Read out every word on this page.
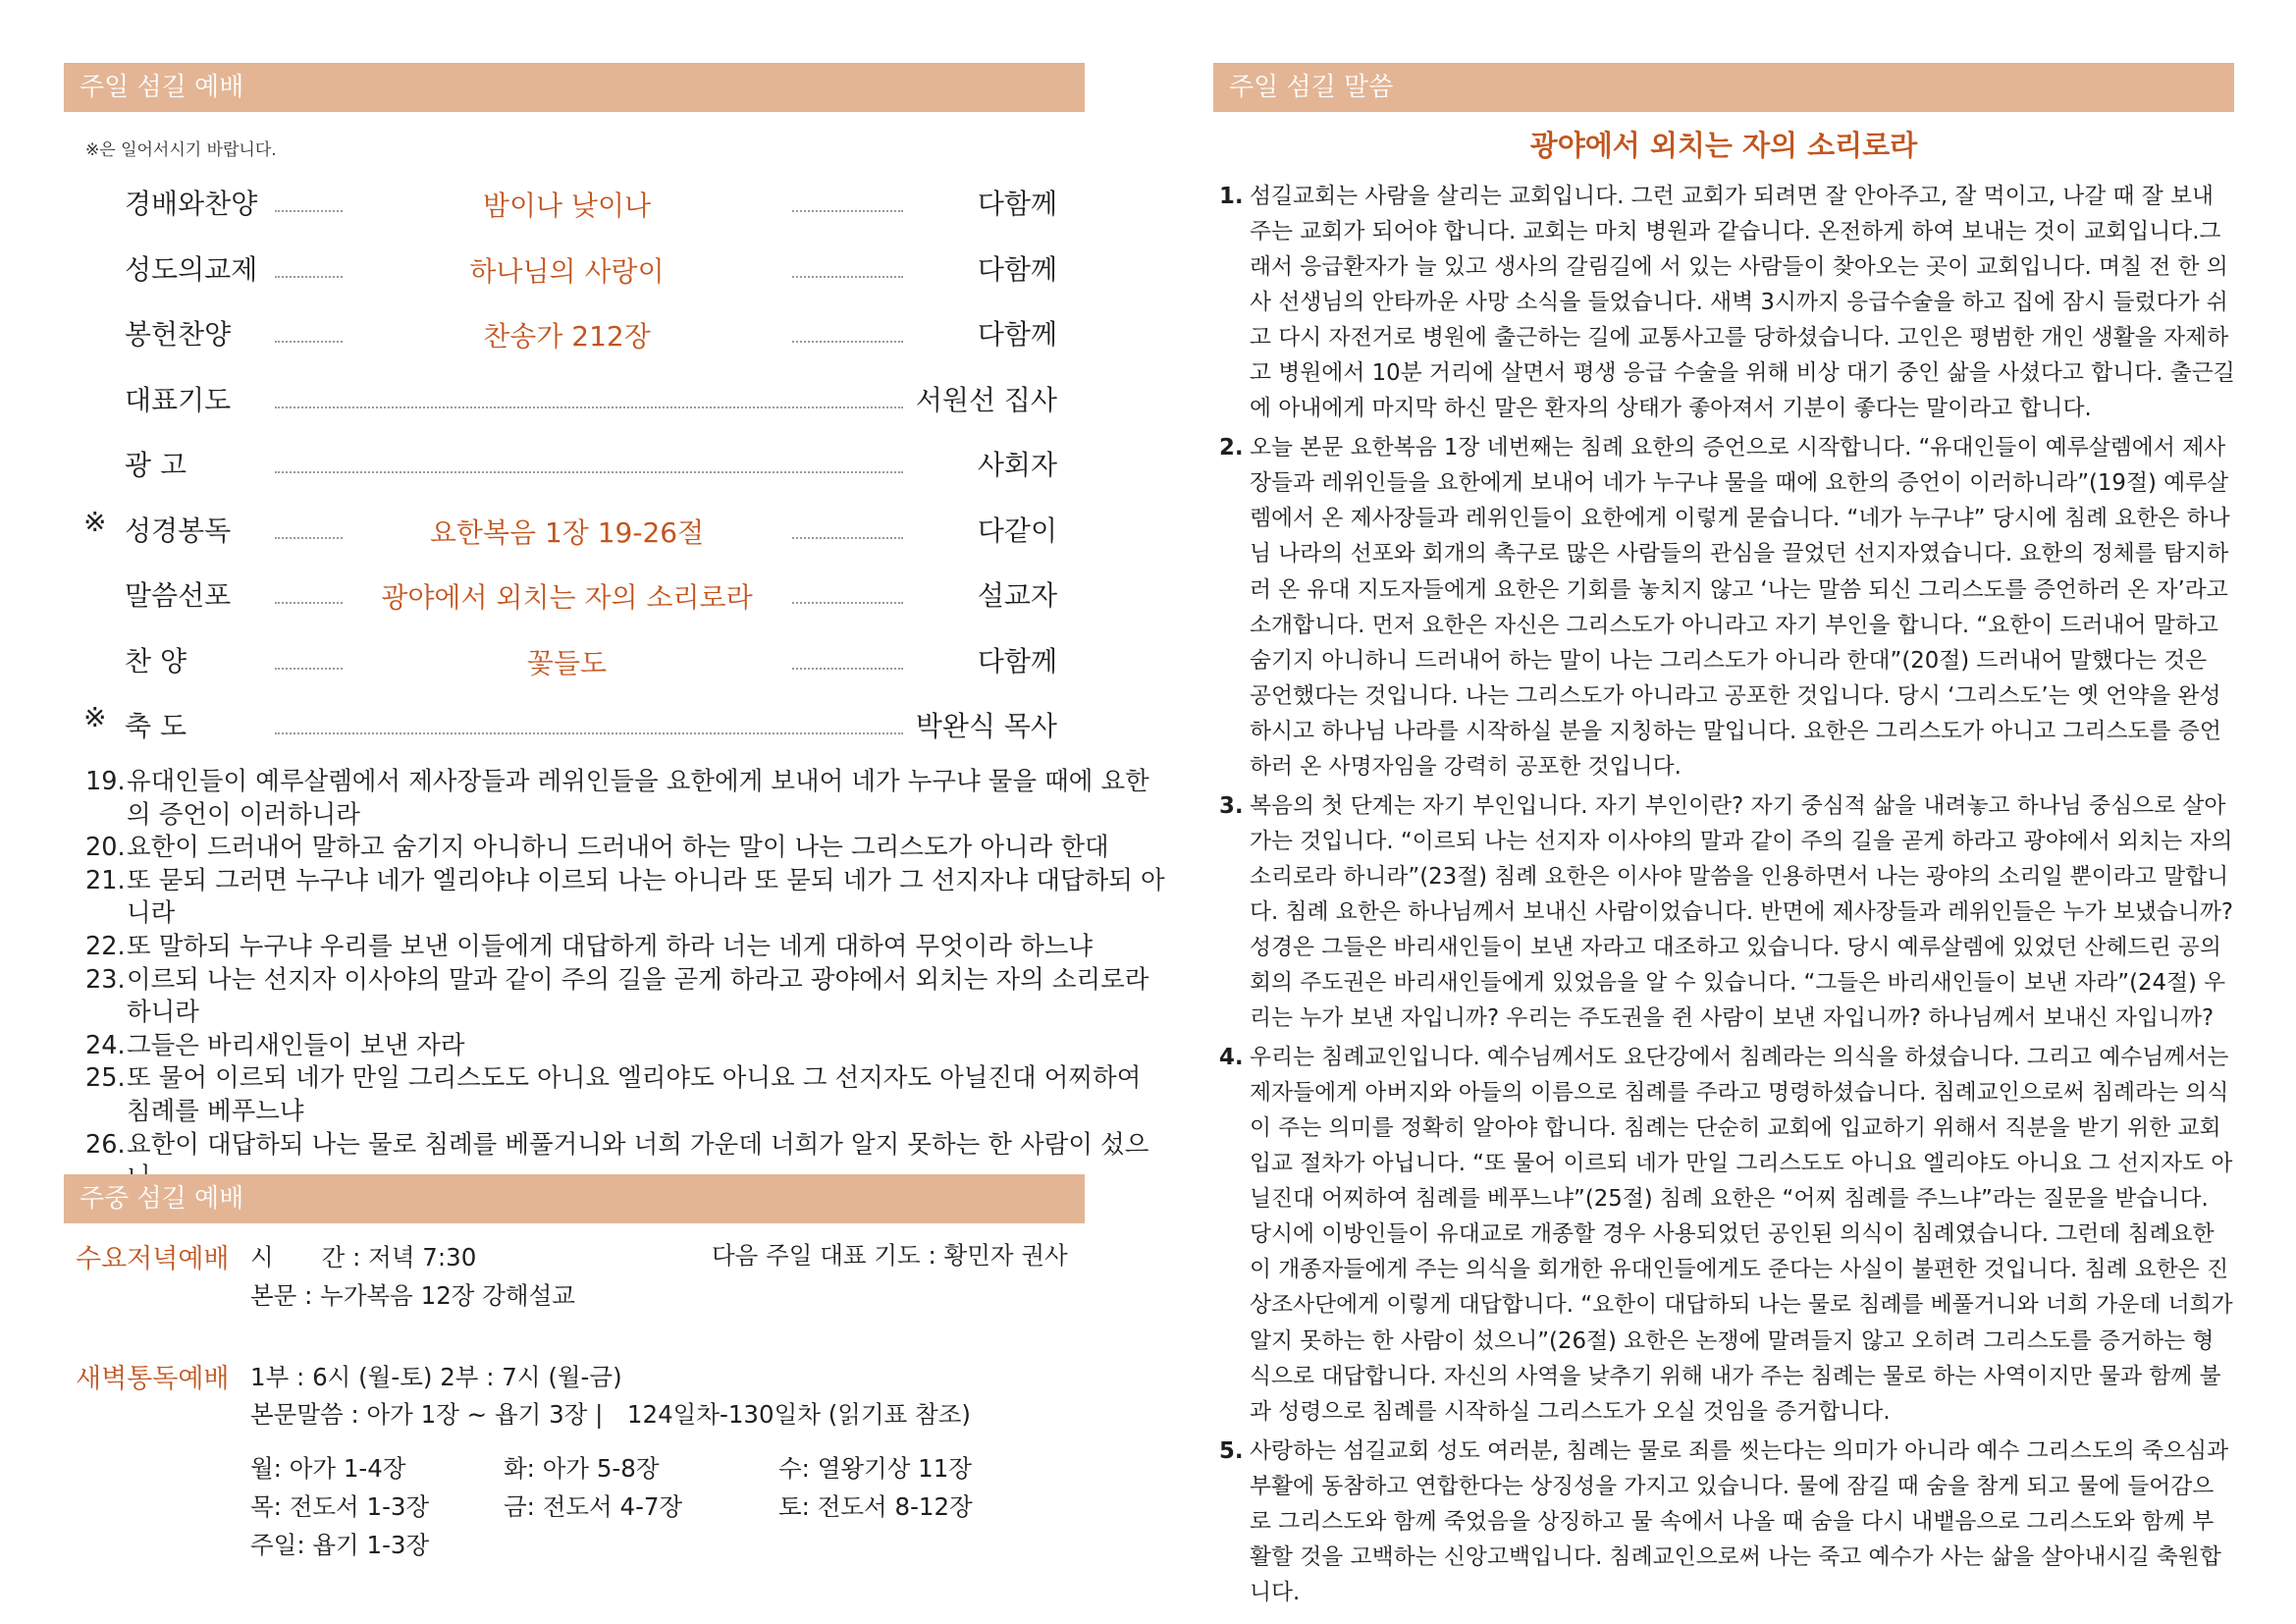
주일 섬길 예배
※은 일어서시기 바랍니다.
경배와찬양	밤이나 낮이나	다함께
성도의교제	하나님의 사랑이	다함께
봉헌찬양	찬송가 212장	다함께
대표기도	서원선 집사
광 고	사회자
※ 성경봉독	요한복음 1장 19-26절	다같이
말씀선포	광야에서 외치는 자의 소리로라	설교자
찬 양	꽃들도	다함께
※ 축 도	박완식 목사
19. 유대인들이 예루살렘에서 제사장들과 레위인들을 요한에게 보내어 네가 누구냐 물을 때에 요한의 증언이 이러하니라
20. 요한이 드러내어 말하고 숨기지 아니하니 드러내어 하는 말이 나는 그리스도가 아니라 한대
21. 또 묻되 그러면 누구냐 네가 엘리야냐 이르되 나는 아니라 또 묻되 네가 그 선지자냐 대답하되 아니라
22. 또 말하되 누구냐 우리를 보낸 이들에게 대답하게 하라 너는 네게 대하여 무엇이라 하느냐
23. 이르되 나는 선지자 이사야의 말과 같이 주의 길을 곧게 하라고 광야에서 외치는 자의 소리로라 하니라
24. 그들은 바리새인들이 보낸 자라
25. 또 물어 이르되 네가 만일 그리스도도 아니요 엘리야도 아니요 그 선지자도 아닐진대 어찌하여 침례를 베푸느냐
26. 요한이 대답하되 나는 물로 침례를 베풀거니와 너희 가운데 너희가 알지 못하는 한 사람이 섰으
주중 섬길 예배
수요저녁예배 시　　간 : 저녁 7:30	다음 주일 대표 기도 : 황민자 권사
본문 : 누가복음 12장 강해설교
새벽통독예배 1부 : 6시 (월-토) 2부 : 7시 (월-금)
본문말씀 : 아가 1장 ~ 욥기 3장 |　124일차-130일차 (읽기표 참조)
월: 아가 1-4장	화: 아가 5-8장	수: 열왕기상 11장
목: 전도서 1-3장	금: 전도서 4-7장	토: 전도서 8-12장
주일: 욥기 1-3장
주일 섬길 말씀
광야에서 외치는 자의 소리로라
1. 섬길교회는 사람을 살리는 교회입니다. 그런 교회가 되려면 잘 안아주고, 잘 먹이고, 나갈 때 잘 보내 주는 교회가 되어야 합니다. 교회는 마치 병원과 같습니다. 온전하게 하여 보내는 것이 교회입니다.그래서 응급환자가 늘 있고 생사의 갈림길에 서 있는 사람들이 찾아오는 곳이 교회입니다. 며칠 전 한 의사 선생님의 안타까운 사망 소식을 들었습니다. 새벽 3시까지 응급수술을 하고 집에 잠시 들렀다가 쉬고 다시 자전거로 병원에 출근하는 길에 교통사고를 당하셨습니다. 고인은 평범한 개인 생활을 자제하고 병원에서 10분 거리에 살면서 평생 응급 수술을 위해 비상 대기 중인 삶을 사셨다고 합니다. 출근길에 아내에게 마지막 하신 말은 환자의 상태가 좋아져서 기분이 좋다는 말이라고 합니다.
2. 오늘 본문 요한복음 1장 네번째는 침례 요한의 증언으로 시작합니다. “유대인들이 예루살렘에서 제사장들과 레위인들을 요한에게 보내어 네가 누구냐 물을 때에 요한의 증언이 이러하니라”(19절) 예루살렘에서 온 제사장들과 레위인들이 요한에게 이렇게 묻습니다. “네가 누구냐” 당시에 침례 요한은 하나님 나라의 선포와 회개의 촉구로 많은 사람들의 관심을 끌었던 선지자였습니다. 요한의 정체를 탐지하러 온 유대 지도자들에게 요한은 기회를 놓치지 않고 ‘나는 말씀 되신 그리스도를 증언하러 온 자’라고 소개합니다. 먼저 요한은 자신은 그리스도가 아니라고 자기 부인을 합니다. “요한이 드러내어 말하고 숨기지 아니하니 드러내어 하는 말이 나는 그리스도가 아니라 한대”(20절) 드러내어 말했다는 것은 공언했다는 것입니다. 나는 그리스도가 아니라고 공포한 것입니다. 당시 ‘그리스도’는 옛 언약을 완성하시고 하나님 나라를 시작하실 분을 지칭하는 말입니다. 요한은 그리스도가 아니고 그리스도를 증언하러 온 사명자임을 강력히 공포한 것입니다.
3. 복음의 첫 단계는 자기 부인입니다. 자기 부인이란? 자기 중심적 삶을 내려놓고 하나님 중심으로 살아가는 것입니다. “이르되 나는 선지자 이사야의 말과 같이 주의 길을 곧게 하라고 광야에서 외치는 자의 소리로라 하니라”(23절) 침례 요한은 이사야 말씀을 인용하면서 나는 광야의 소리일 뿐이라고 말합니다. 침례 요한은 하나님께서 보내신 사람이었습니다. 반면에 제사장들과 레위인들은 누가 보냈습니까? 성경은 그들은 바리새인들이 보낸 자라고 대조하고 있습니다. 당시 예루살렘에 있었던 산헤드린 공의회의 주도권은 바리새인들에게 있었음을 알 수 있습니다. “그들은 바리새인들이 보낸 자라”(24절) 우리는 누가 보낸 자입니까? 우리는 주도권을 쥔 사람이 보낸 자입니까? 하나님께서 보내신 자입니까?
4. 우리는 침례교인입니다. 예수님께서도 요단강에서 침례라는 의식을 하셨습니다. 그리고 예수님께서는 제자들에게 아버지와 아들의 이름으로 침례를 주라고 명령하셨습니다. 침례교인으로써 침례라는 의식이 주는 의미를 정확히 알아야 합니다. 침례는 단순히 교회에 입교하기 위해서 직분을 받기 위한 교회 입교 절차가 아닙니다. “또 물어 이르되 네가 만일 그리스도도 아니요 엘리야도 아니요 그 선지자도 아닐진대 어찌하여 침례를 베푸느냐”(25절) 침례 요한은 “어찌 침례를 주느냐”라는 질문을 받습니다. 당시에 이방인들이 유대교로 개종할 경우 사용되었던 공인된 의식이 침례였습니다. 그런데 침례요한이 개종자들에게 주는 의식을 회개한 유대인들에게도 준다는 사실이 불편한 것입니다. 침례 요한은 진상조사단에게 이렇게 대답합니다. “요한이 대답하되 나는 물로 침례를 베풀거니와 너희 가운데 너희가 알지 못하는 한 사람이 섰으니”(26절) 요한은 논쟁에 말려들지 않고 오히려 그리스도를 증거하는 형식으로 대답합니다. 자신의 사역을 낮추기 위해 내가 주는 침례는 물로 하는 사역이지만 물과 함께 불과 성령으로 침례를 시작하실 그리스도가 오실 것임을 증거합니다.
5. 사랑하는 섬길교회 성도 여러분, 침례는 물로 죄를 씻는다는 의미가 아니라 예수 그리스도의 죽으심과 부활에 동참하고 연합한다는 상징성을 가지고 있습니다. 물에 잠길 때 숨을 참게 되고 물에 들어감으로 그리스도와 함께 죽었음을 상징하고 물 속에서 나올 때 숨을 다시 내뱉음으로 그리스도와 함께 부활할 것을 고백하는 신앙고백입니다. 침례교인으로써 나는 죽고 예수가 사는 삶을 살아내시길 축원합니다.
